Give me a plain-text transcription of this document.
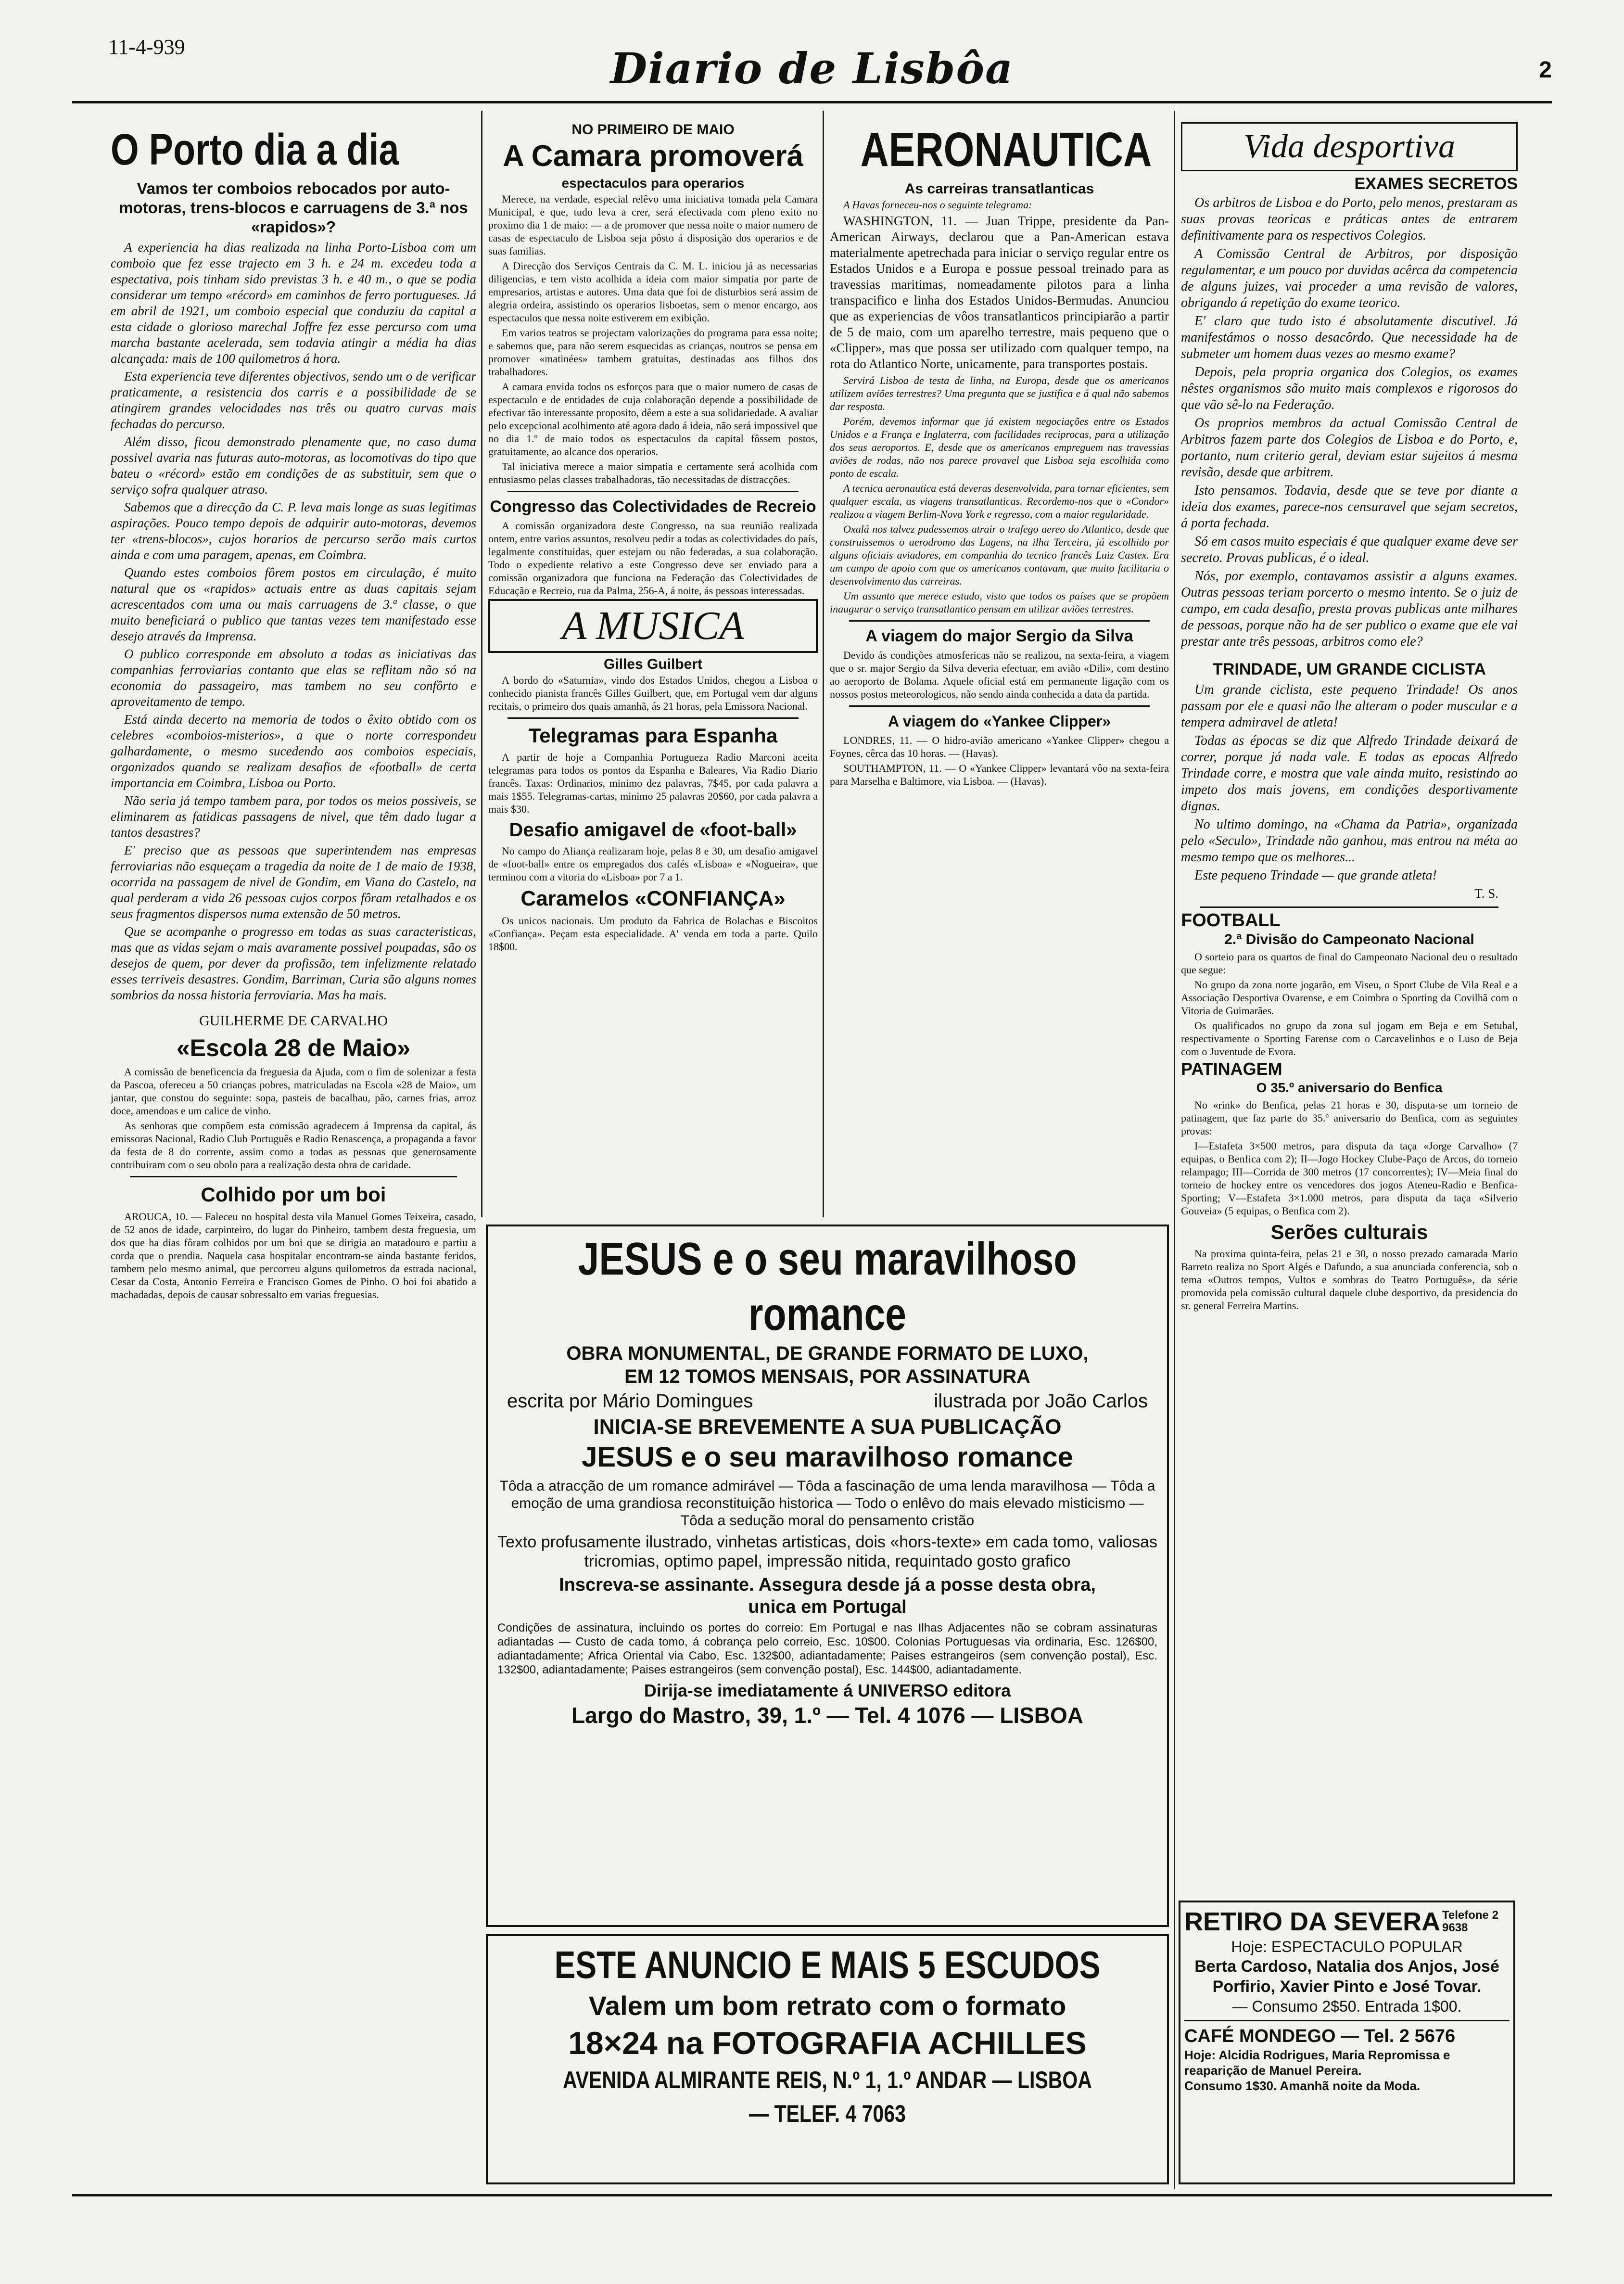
11-4-939	Diario de Lisbôa	2
O Porto dia a dia
Vamos ter comboios rebocados por auto-motoras, trens-blocos e carruagens de 3.ª nos «rapidos»?

A experiencia ha dias realizada na linha Porto-Lisboa com um comboio que fez esse trajecto em 3 h. e 24 m. excedeu toda a espectativa, pois tinham sido previstas 3 h. e 40 m., o que se podia considerar um tempo «récord» em caminhos de ferro portugueses. Já em abril de 1921, um comboio especial que conduziu da capital a esta cidade o glorioso marechal Joffre fez esse percurso com uma marcha bastante acelerada, sem todavia atingir a média ha dias alcançada: mais de 100 quilometros á hora.

Esta experiencia teve diferentes objectivos, sendo um o de verificar praticamente, a resistencia dos carris e a possibilidade de se atingirem grandes velocidades nas três ou quatro curvas mais fechadas do percurso.

Além disso, ficou demonstrado plenamente que, no caso duma possivel avaria nas futuras auto-motoras, as locomotivas do tipo que bateu o «récord» estão em condições de as substituir, sem que o serviço sofra qualquer atraso.

Sabemos que a direcção da C. P. leva mais longe as suas legitimas aspirações. Pouco tempo depois de adquirir auto-motoras, devemos ter «trens-blocos», cujos horarios de percurso serão mais curtos ainda e com uma paragem, apenas, em Coimbra.

Quando estes comboios fôrem postos em circulação, é muito natural que os «rapidos» actuais entre as duas capitais sejam acrescentados com uma ou mais carruagens de 3.ª classe, o que muito beneficiará o publico que tantas vezes tem manifestado esse desejo através da Imprensa.

O publico corresponde em absoluto a todas as iniciativas das companhias ferroviarias contanto que elas se reflitam não só na economia do passageiro, mas tambem no seu confôrto e aproveitamento de tempo.

Está ainda decerto na memoria de todos o êxito obtido com os celebres «comboios-misterios», a que o norte correspondeu galhardamente, o mesmo sucedendo aos comboios especiais, organizados quando se realizam desafios de «football» de certa importancia em Coimbra, Lisboa ou Porto.

Não seria já tempo tambem para, por todos os meios possiveis, se eliminarem as fatidicas passagens de nivel, que têm dado lugar a tantos desastres?

E' preciso que as pessoas que superintendem nas empresas ferroviarias não esqueçam a tragedia da noite de 1 de maio de 1938, ocorrida na passagem de nivel de Gondim, em Viana do Castelo, na qual perderam a vida 26 pessoas cujos corpos fôram retalhados e os seus fragmentos dispersos numa extensão de 50 metros.

Que se acompanhe o progresso em todas as suas caracteristicas, mas que as vidas sejam o mais avaramente possivel poupadas, são os desejos de quem, por dever da profissão, tem infelizmente relatado esses terriveis desastres. Gondim, Barriman, Curia são alguns nomes sombrios da nossa historia ferroviaria. Mas ha mais.

GUILHERME DE CARVALHO
«Escola 28 de Maio»

A comissão de beneficencia da freguesia da Ajuda, com o fim de solenizar a festa da Pascoa, ofereceu a 50 crianças pobres, matriculadas na Escola «28 de Maio», um jantar, que constou do seguinte: sopa, pasteis de bacalhau, pão, carnes frias, arroz doce, amendoas e um calice de vinho.

As senhoras que compõem esta comissão agradecem á Imprensa da capital, ás emissoras Nacional, Radio Club Português e Radio Renascença, a propaganda a favor da festa de 8 do corrente, assim como a todas as pessoas que generosamente contribuiram com o seu obolo para a realização desta obra de caridade.

Colhido por um boi

AROUCA, 10. — Faleceu no hospital desta vila Manuel Gomes Teixeira, casado, de 52 anos de idade, carpinteiro, do lugar do Pinheiro, tambem desta freguesia, um dos que ha dias fôram colhidos por um boi que se dirigia ao matadouro e partiu a corda que o prendia. Naquela casa hospitalar encontram-se ainda bastante feridos, tambem pelo mesmo animal, que percorreu alguns quilometros da estrada nacional, Cesar da Costa, Antonio Ferreira e Francisco Gomes de Pinho. O boi foi abatido a machadadas, depois de causar sobressalto em varias freguesias.

NO PRIMEIRO DE MAIO
A Camara promoverá
espectaculos para operarios

Merece, na verdade, especial relêvo uma iniciativa tomada pela Camara Municipal, e que, tudo leva a crer, será efectivada com pleno exito no proximo dia 1 de maio: — a de promover que nessa noite o maior numero de casas de espectaculo de Lisboa seja pôsto á disposição dos operarios e de suas familias.

A Direcção dos Serviços Centrais da C. M. L. iniciou já as necessarias diligencias, e tem visto acolhida a ideia com maior simpatia por parte de empresarios, artistas e autores. Uma data que foi de disturbios será assim de alegria ordeira, assistindo os operarios lisboetas, sem o menor encargo, aos espectaculos que nessa noite estiverem em exibição.

Em varios teatros se projectam valorizações do programa para essa noite; e sabemos que, para não serem esquecidas as crianças, noutros se pensa em promover «matinées» tambem gratuitas, destinadas aos filhos dos trabalhadores.

A camara envida todos os esforços para que o maior numero de casas de espectaculo e de entidades de cuja colaboração depende a possibilidade de efectivar tão interessante proposito, dêem a este a sua solidariedade. A avaliar pelo excepcional acolhimento até agora dado á ideia, não será impossivel que no dia 1.º de maio todos os espectaculos da capital fôssem postos, gratuitamente, ao alcance dos operarios.

Tal iniciativa merece a maior simpatia e certamente será acolhida com entusiasmo pelas classes trabalhadoras, tão necessitadas de distracções.

Congresso das Colectividades de Recreio

A comissão organizadora deste Congresso, na sua reunião realizada ontem, entre varios assuntos, resolveu pedir a todas as colectividades do país, legalmente constituidas, quer estejam ou não federadas, a sua colaboração. Todo o expediente relativo a este Congresso deve ser enviado para a comissão organizadora que funciona na Federação das Colectividades de Educação e Recreio, rua da Palma, 256-A, á noite, ás pessoas interessadas.

A MUSICA
Gilles Guilbert

A bordo do «Saturnia», vindo dos Estados Unidos, chegou a Lisboa o conhecido pianista francês Gilles Guilbert, que, em Portugal vem dar alguns recitais, o primeiro dos quais amanhã, ás 21 horas, pela Emissora Nacional.

Telegramas para Espanha

A partir de hoje a Companhia Portugueza Radio Marconi aceita telegramas para todos os pontos da Espanha e Baleares, Via Radio Diario francês. Taxas: Ordinarios, minimo dez palavras, 7$45, por cada palavra a mais 1$55. Telegramas-cartas, minimo 25 palavras 20$60, por cada palavra a mais $30.

Desafio amigavel de «foot-ball»

No campo do Aliança realizaram hoje, pelas 8 e 30, um desafio amigavel de «foot-ball» entre os empregados dos cafés «Lisboa» e «Nogueira», que terminou com a vitoria do «Lisboa» por 7 a 1.

Caramelos «CONFIANÇA»

Os unicos nacionais. Um produto da Fabrica de Bolachas e Biscoitos «Confiança». Peçam esta especialidade. A' venda em toda a parte. Quilo 18$00.

AERONAUTICA
As carreiras transatlanticas

A Havas forneceu-nos o seguinte telegrama:

WASHINGTON, 11. — Juan Trippe, presidente da Pan-American Airways, declarou que a Pan-American estava materialmente apetrechada para iniciar o serviço regular entre os Estados Unidos e a Europa e possue pessoal treinado para as travessias maritimas, nomeadamente pilotos para a linha transpacifico e linha dos Estados Unidos-Bermudas. Anunciou que as experiencias de vôos transatlanticos principiarão a partir de 5 de maio, com um aparelho terrestre, mais pequeno que o «Clipper», mas que possa ser utilizado com qualquer tempo, na rota do Atlantico Norte, unicamente, para transportes postais.

Servirá Lisboa de testa de linha, na Europa, desde que os americanos utilizem aviões terrestres? Uma pregunta que se justifica e á qual não sabemos dar resposta.

Porém, devemos informar que já existem negociações entre os Estados Unidos e a França e Inglaterra, com facilidades reciprocas, para a utilização dos seus aeroportos. E, desde que os americanos empreguem nas travessias aviões de rodas, não nos parece provavel que Lisboa seja escolhida como ponto de escala.

A tecnica aeronautica está deveras desenvolvida, para tornar eficientes, sem qualquer escala, as viagens transatlanticas. Recordemo-nos que o «Condor» realizou a viagem Berlim-Nova York e regresso, com a maior regularidade.

Oxalá nos talvez pudessemos atrair o trafego aereo do Atlantico, desde que construissemos o aerodromo das Lagens, na ilha Terceira, já escolhido por alguns oficiais aviadores, em companhia do tecnico francês Luiz Castex. Era um campo de apoio com que os americanos contavam, que muito facilitaria o desenvolvimento das carreiras.

Um assunto que merece estudo, visto que todos os países que se propõem inaugurar o serviço transatlantico pensam em utilizar aviões terrestres.

A viagem do major Sergio da Silva

Devido ás condições atmosfericas não se realizou, na sexta-feira, a viagem que o sr. major Sergio da Silva deveria efectuar, em avião «Dili», com destino ao aeroporto de Bolama. Aquele oficial está em permanente ligação com os nossos postos meteorologicos, não sendo ainda conhecida a data da partida.

A viagem do «Yankee Clipper»

LONDRES, 11. — O hidro-avião americano «Yankee Clipper» chegou a Foynes, cêrca das 10 horas. — (Havas).

SOUTHAMPTON, 11. — O «Yankee Clipper» levantará vôo na sexta-feira para Marselha e Baltimore, via Lisboa. — (Havas).

Vida desportiva
EXAMES SECRETOS

Os arbitros de Lisboa e do Porto, pelo menos, prestaram as suas provas teoricas e práticas antes de entrarem definitivamente para os respectivos Colegios.

A Comissão Central de Arbitros, por disposição regulamentar, e um pouco por duvidas acêrca da competencia de alguns juizes, vai proceder a uma revisão de valores, obrigando á repetição do exame teorico.

E' claro que tudo isto é absolutamente discutivel. Já manifestámos o nosso desacôrdo. Que necessidade ha de submeter um homem duas vezes ao mesmo exame?

Depois, pela propria organica dos Colegios, os exames nêstes organismos são muito mais complexos e rigorosos do que vão sê-lo na Federação.

Os proprios membros da actual Comissão Central de Arbitros fazem parte dos Colegios de Lisboa e do Porto, e, portanto, num criterio geral, deviam estar sujeitos á mesma revisão, desde que arbitrem.

Isto pensamos. Todavia, desde que se teve por diante a ideia dos exames, parece-nos censuravel que sejam secretos, á porta fechada.

Só em casos muito especiais é que qualquer exame deve ser secreto. Provas publicas, é o ideal.

Nós, por exemplo, contavamos assistir a alguns exames. Outras pessoas teriam porcerto o mesmo intento. Se o juiz de campo, em cada desafio, presta provas publicas ante milhares de pessoas, porque não ha de ser publico o exame que ele vai prestar ante três pessoas, arbitros como ele?

TRINDADE, UM GRANDE CICLISTA

Um grande ciclista, este pequeno Trindade! Os anos passam por ele e quasi não lhe alteram o poder muscular e a tempera admiravel de atleta!

Todas as épocas se diz que Alfredo Trindade deixará de correr, porque já nada vale. E todas as epocas Alfredo Trindade corre, e mostra que vale ainda muito, resistindo ao impeto dos mais jovens, em condições desportivamente dignas.

No ultimo domingo, na «Chama da Patria», organizada pelo «Seculo», Trindade não ganhou, mas entrou na méta ao mesmo tempo que os melhores...

Este pequeno Trindade — que grande atleta!

T. S.
FOOTBALL
2.ª Divisão do Campeonato Nacional

O sorteio para os quartos de final do Campeonato Nacional deu o resultado que segue:

No grupo da zona norte jogarão, em Viseu, o Sport Clube de Vila Real e a Associação Desportiva Ovarense, e em Coimbra o Sporting da Covilhã com o Vitoria de Guimarães.

Os qualificados no grupo da zona sul jogam em Beja e em Setubal, respectivamente o Sporting Farense com o Carcavelinhos e o Luso de Beja com o Juventude de Evora.

PATINAGEM
O 35.º aniversario do Benfica

No «rink» do Benfica, pelas 21 horas e 30, disputa-se um torneio de patinagem, que faz parte do 35.º aniversario do Benfica, com as seguintes provas:

I—Estafeta 3×500 metros, para disputa da taça «Jorge Carvalho» (7 equipas, o Benfica com 2); II—Jogo Hockey Clube-Paço de Arcos, do torneio relampago; III—Corrida de 300 metros (17 concorrentes); IV—Meia final do torneio de hockey entre os vencedores dos jogos Ateneu-Radio e Benfica-Sporting; V—Estafeta 3×1.000 metros, para disputa da taça «Silverio Gouveia» (5 equipas, o Benfica com 2).

Serões culturais

Na proxima quinta-feira, pelas 21 e 30, o nosso prezado camarada Mario Barreto realiza no Sport Algés e Dafundo, a sua anunciada conferencia, sob o tema «Outros tempos, Vultos e sombras do Teatro Português», da série promovida pela comissão cultural daquele clube desportivo, da presidencia do sr. general Ferreira Martins.

JESUS e o seu maravilhoso romance
OBRA MONUMENTAL, DE GRANDE FORMATO DE LUXO,
EM 12 TOMOS MENSAIS, POR ASSINATURA
escrita por Mário Domingues	ilustrada por João Carlos
INICIA-SE BREVEMENTE A SUA PUBLICAÇÃO
JESUS e o seu maravilhoso romance
Tôda a atracção de um romance admirável — Tôda a fascinação de uma lenda maravilhosa — Tôda a emoção de uma grandiosa reconstituição historica — Todo o enlêvo do mais elevado misticismo — Tôda a sedução moral do pensamento cristão
Texto profusamente ilustrado, vinhetas artisticas, dois «hors-texte» em cada tomo, valiosas tricromias, optimo papel, impressão nitida, requintado gosto grafico
Inscreva-se assinante. Assegura desde já a posse desta obra, unica em Portugal
Condições de assinatura, incluindo os portes do correio: Em Portugal e nas Ilhas Adjacentes não se cobram assinaturas adiantadas — Custo de cada tomo, á cobrança pelo correio, Esc. 10$00. Colonias Portuguesas via ordinaria, Esc. 126$00, adiantadamente; Africa Oriental via Cabo, Esc. 132$00, adiantadamente; Paises estrangeiros (sem convenção postal), Esc. 132$00, adiantadamente; Paises estrangeiros (sem convenção postal), Esc. 144$00, adiantadamente.
Dirija-se imediatamente á UNIVERSO editora
Largo do Mastro, 39, 1.º — Tel. 4 1076 — LISBOA
ESTE ANUNCIO E MAIS 5 ESCUDOS
Valem um bom retrato com o formato
18×24 na FOTOGRAFIA ACHILLES
AVENIDA ALMIRANTE REIS, N.º 1, 1.º ANDAR — LISBOA — TELEF. 4 7063
RETIRO DA SEVERA Telefone 2 9638
Hoje: ESPECTACULO POPULAR
Berta Cardoso, Natalia dos Anjos, José Porfirio, Xavier Pinto e José Tovar.
— Consumo 2$50. Entrada 1$00.
CAFÉ MONDEGO — Tel. 2 5676
Hoje: Alcidia Rodrigues, Maria Repromissa e reaparição de Manuel Pereira.
Consumo 1$30. Amanhã noite da Moda.
